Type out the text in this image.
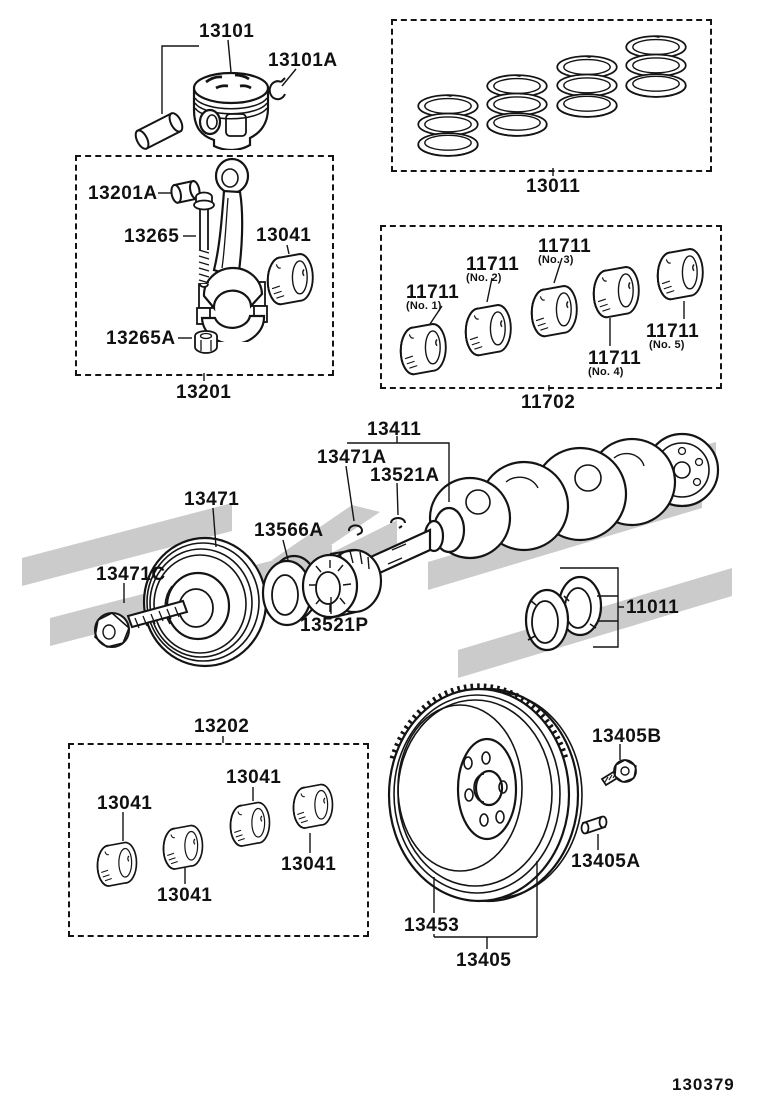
13101
13101A
13011
13201A
13265	13041
13265A
13201
11711
(No. 1)
11711
(No. 2)
11711
(No. 3)
11711
(No. 4)
11711
(No. 5)
11702
13411
13471A
13521A
13471
13566A
13471C
13521P
11011
13202
13041
13041
13041
13041
13405B
13405A
13453
13405
130379
